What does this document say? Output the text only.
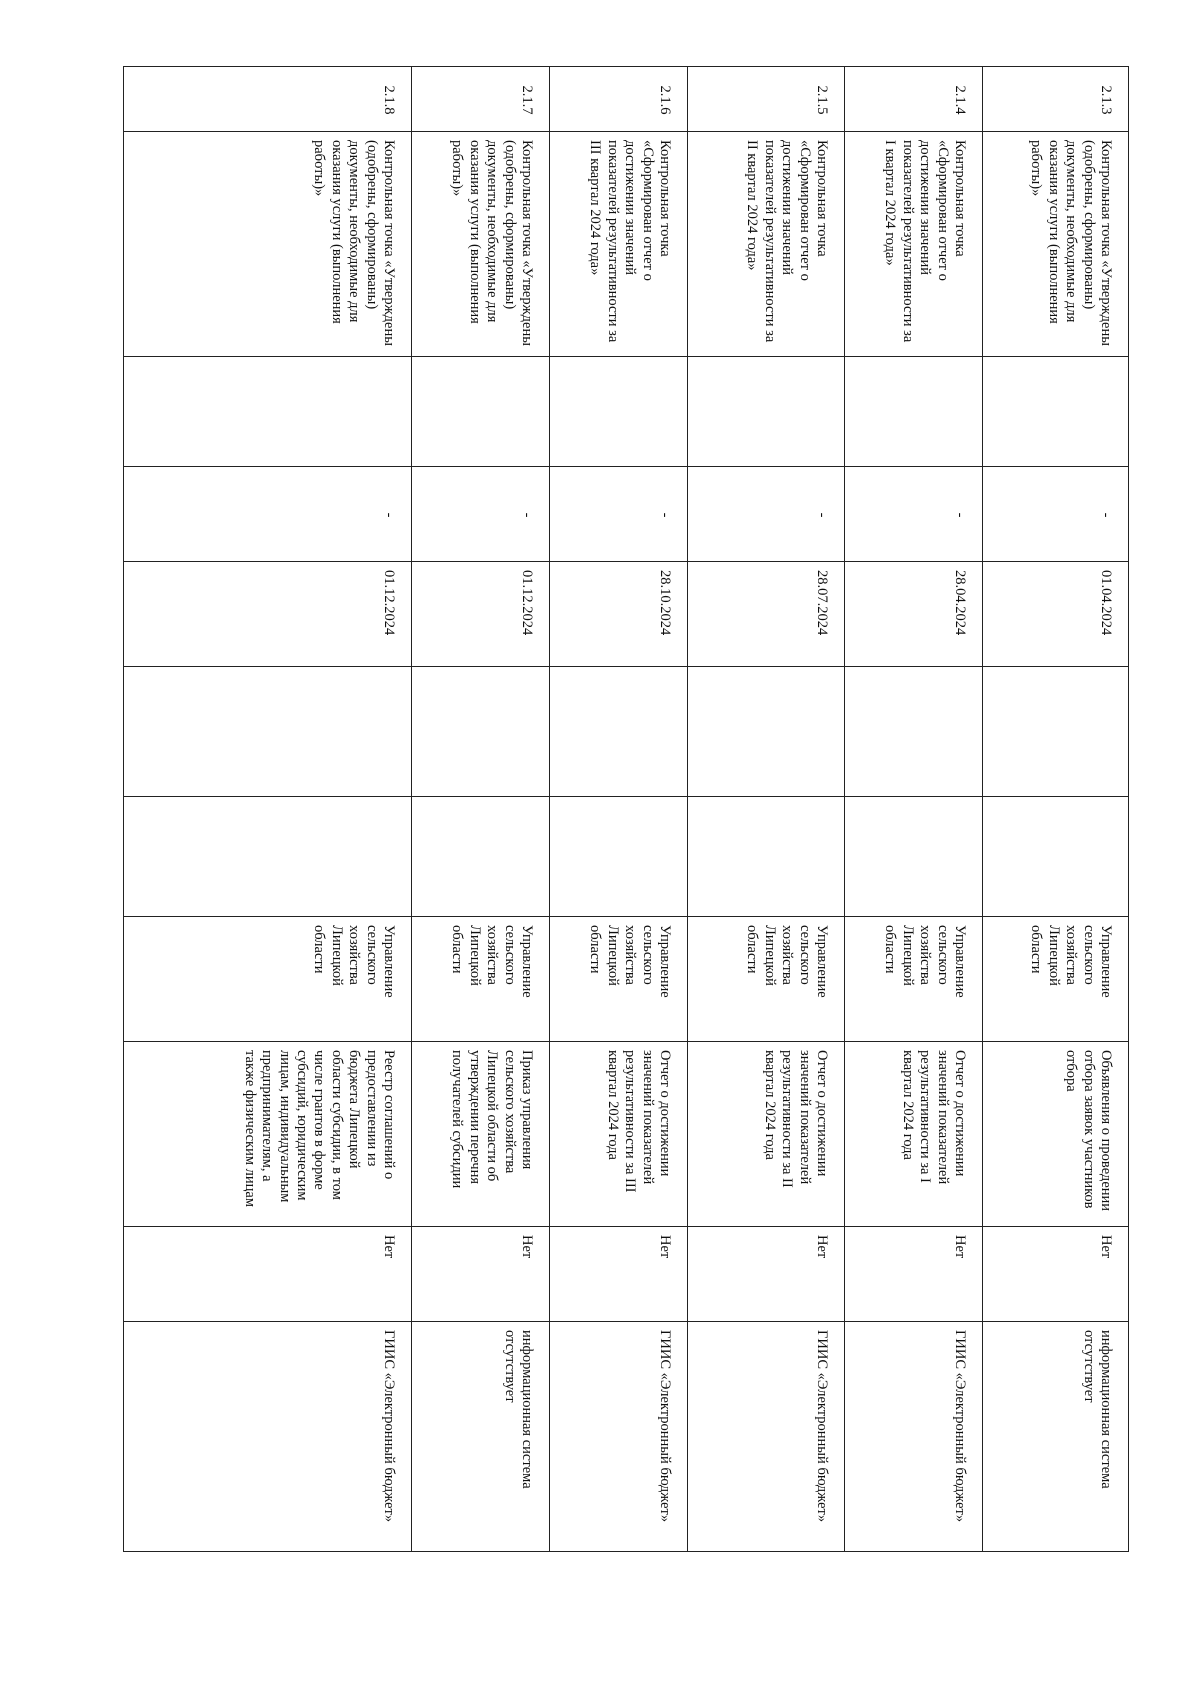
2.1.3	Контрольная точка «Утверждены (одобрены, сформированы) документы, необходимые для оказания услуги (выполнения работы)»		-	01.04.2024			Управление сельского хозяйства Липецкой области	Объявления о проведении отбора заявок участников отбора	Нет	информационная система отсутствует
2.1.4	Контрольная точка «Сформирован отчет о достижении значений показателей результативности за I квартал 2024 года»		-	28.04.2024			Управление сельского хозяйства Липецкой области	Отчет о достижении значений показателей результативности за I квартал 2024 года	Нет	ГИИС «Электронный бюджет»
2.1.5	Контрольная точка «Сформирован отчет о достижении значений показателей результативности за II квартал 2024 года»		-	28.07.2024			Управление сельского хозяйства Липецкой области	Отчет о достижении значений показателей результативности за II квартал 2024 года	Нет	ГИИС «Электронный бюджет»
2.1.6	Контрольная точка «Сформирован отчет о достижении значений показателей результативности за III квартал 2024 года»		-	28.10.2024			Управление сельского хозяйства Липецкой области	Отчет о достижении значений показателей результативности за III квартал 2024 года	Нет	ГИИС «Электронный бюджет»
2.1.7	Контрольная точка «Утверждены (одобрены, сформированы) документы, необходимые для оказания услуги (выполнения работы)»		-	01.12.2024			Управление сельского хозяйства Липецкой области	Приказ управления сельского хозяйства Липецкой области об утверждении перечня получателей субсидии	Нет	информационная система отсутствует
2.1.8	Контрольная точка «Утверждены (одобрены, сформированы) документы, необходимые для оказания услуги (выполнения работы)»		-	01.12.2024			Управление сельского хозяйства Липецкой области	Реестр соглашений о предоставлении из бюджета Липецкой области субсидии, в том числе грантов в форме субсидий, юридическим лицам, индивидуальным предпринимателям, а также физическим лицам	Нет	ГИИС «Электронный бюджет»
